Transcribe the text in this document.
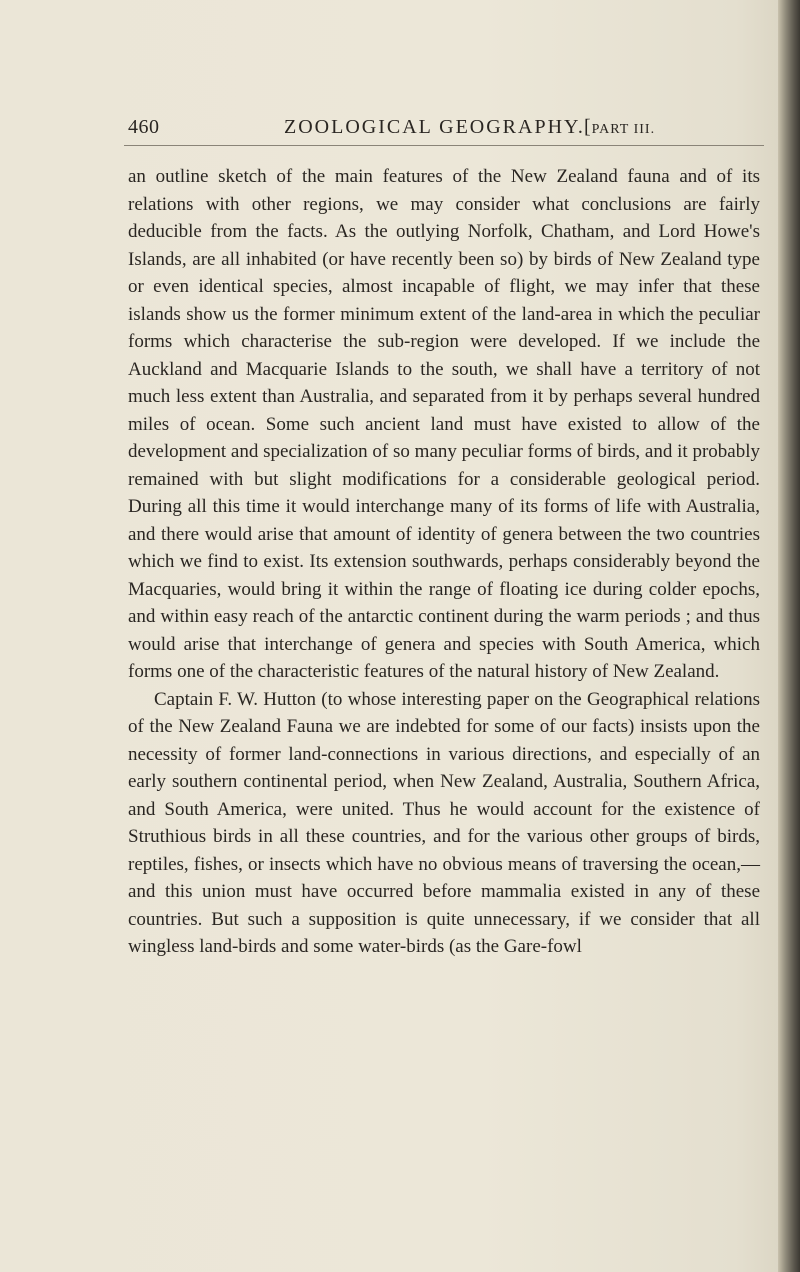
460	ZOOLOGICAL GEOGRAPHY. [PART III.

an outline sketch of the main features of the New Zealand fauna and of its relations with other regions, we may consider what conclusions are fairly deducible from the facts. As the outlying Norfolk, Chatham, and Lord Howe's Islands, are all inhabited (or have recently been so) by birds of New Zealand type or even identical species, almost incapable of flight, we may infer that these islands show us the former minimum extent of the land-area in which the peculiar forms which characterise the sub-region were developed. If we include the Auckland and Macquarie Islands to the south, we shall have a territory of not much less extent than Australia, and separated from it by perhaps several hundred miles of ocean. Some such ancient land must have existed to allow of the development and specialization of so many peculiar forms of birds, and it probably remained with but slight modifications for a considerable geological period. During all this time it would interchange many of its forms of life with Australia, and there would arise that amount of identity of genera between the two countries which we find to exist. Its extension southwards, perhaps considerably beyond the Macquaries, would bring it within the range of floating ice during colder epochs, and within easy reach of the antarctic continent during the warm periods ; and thus would arise that interchange of genera and species with South America, which forms one of the characteristic features of the natural history of New Zealand.

Captain F. W. Hutton (to whose interesting paper on the Geographical relations of the New Zealand Fauna we are indebted for some of our facts) insists upon the necessity of former land-connections in various directions, and especially of an early southern continental period, when New Zealand, Australia, Southern Africa, and South America, were united. Thus he would account for the existence of Struthious birds in all these countries, and for the various other groups of birds, reptiles, fishes, or insects which have no obvious means of traversing the ocean,—and this union must have occurred before mammalia existed in any of these countries. But such a supposition is quite unnecessary, if we consider that all wingless land-birds and some water-birds (as the Gare-fowl
